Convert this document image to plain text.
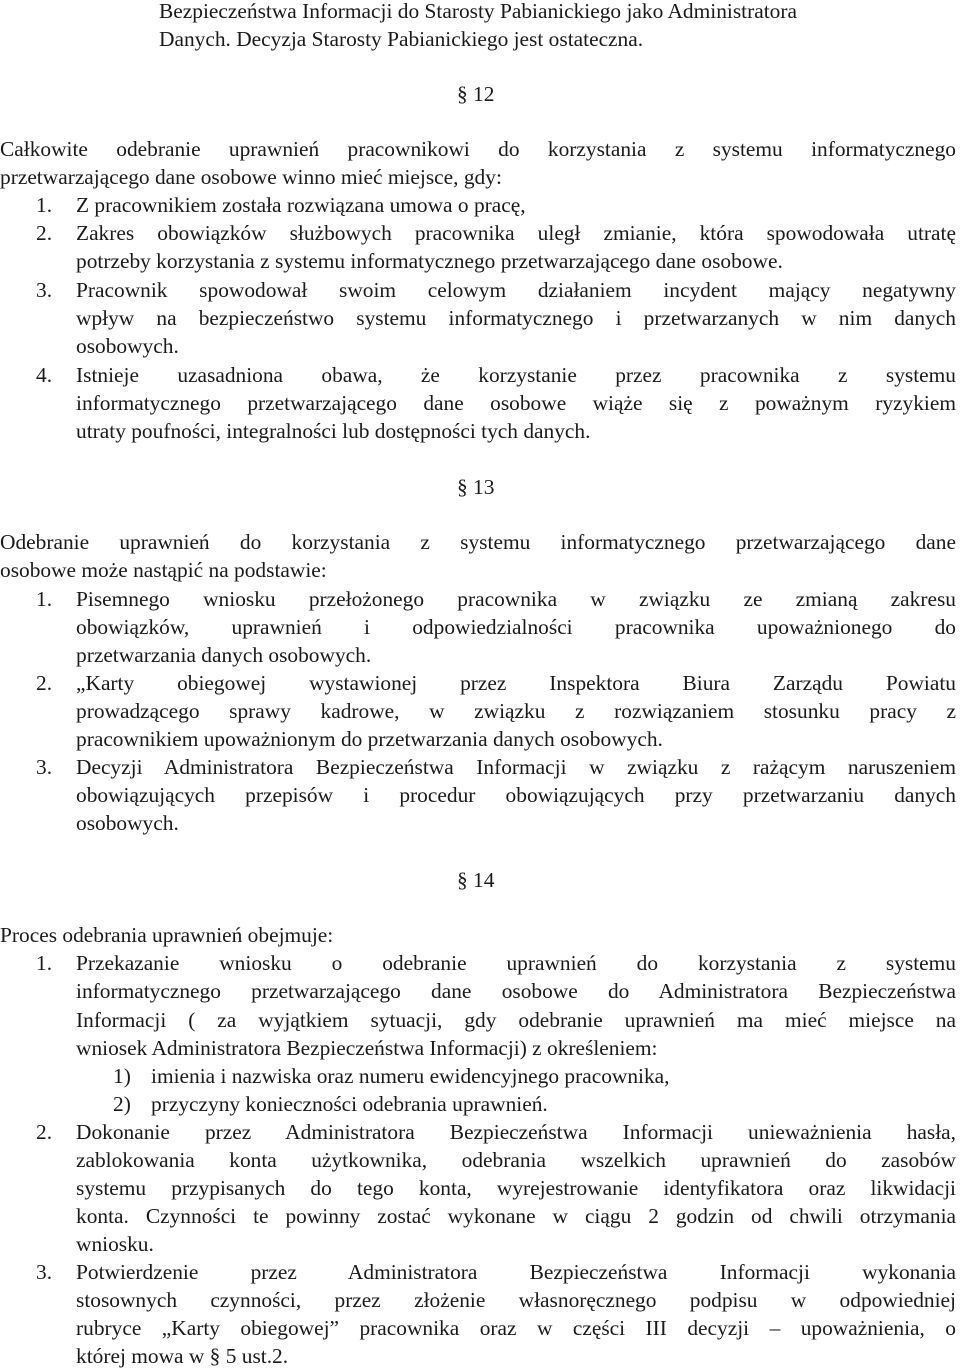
Bezpieczeństwa Informacji do Starosty Pabianickiego jako Administratora
Danych. Decyzja Starosty Pabianickiego jest ostateczna.
§ 12
Całkowite odebranie uprawnień pracownikowi do korzystania z systemu informatycznego
przetwarzającego dane osobowe winno mieć miejsce, gdy:
1. Z pracownikiem została rozwiązana umowa o pracę,
2. Zakres obowiązków służbowych pracownika uległ zmianie, która spowodowała utratę
potrzeby korzystania z systemu informatycznego przetwarzającego dane osobowe.
3. Pracownik spowodował swoim celowym działaniem incydent mający negatywny
wpływ na bezpieczeństwo systemu informatycznego i przetwarzanych w nim danych
osobowych.
4. Istnieje uzasadniona obawa, że korzystanie przez pracownika z systemu
informatycznego przetwarzającego dane osobowe wiąże się z poważnym ryzykiem
utraty poufności, integralności lub dostępności tych danych.
§ 13
Odebranie uprawnień do korzystania z systemu informatycznego przetwarzającego dane
osobowe może nastąpić na podstawie:
1. Pisemnego wniosku przełożonego pracownika w związku ze zmianą zakresu
obowiązków, uprawnień i odpowiedzialności pracownika upoważnionego do
przetwarzania danych osobowych.
2. „Karty obiegowej wystawionej przez Inspektora Biura Zarządu Powiatu
prowadzącego sprawy kadrowe, w związku z rozwiązaniem stosunku pracy z
pracownikiem upoważnionym do przetwarzania danych osobowych.
3. Decyzji Administratora Bezpieczeństwa Informacji w związku z rażącym naruszeniem
obowiązujących przepisów i procedur obowiązujących przy przetwarzaniu danych
osobowych.
§ 14
Proces odebrania uprawnień obejmuje:
1. Przekazanie wniosku o odebranie uprawnień do korzystania z systemu
informatycznego przetwarzającego dane osobowe do Administratora Bezpieczeństwa
Informacji ( za wyjątkiem sytuacji, gdy odebranie uprawnień ma mieć miejsce na
wniosek Administratora Bezpieczeństwa Informacji) z określeniem:
1) imienia i nazwiska oraz numeru ewidencyjnego pracownika,
2) przyczyny konieczności odebrania uprawnień.
2. Dokonanie przez Administratora Bezpieczeństwa Informacji unieważnienia hasła,
zablokowania konta użytkownika, odebrania wszelkich uprawnień do zasobów
systemu przypisanych do tego konta, wyrejestrowanie identyfikatora oraz likwidacji
konta. Czynności te powinny zostać wykonane w ciągu 2 godzin od chwili otrzymania
wniosku.
3. Potwierdzenie przez Administratora Bezpieczeństwa Informacji wykonania
stosownych czynności, przez złożenie własnoręcznego podpisu w odpowiedniej
rubryce „Karty obiegowej” pracownika oraz w części III decyzji – upoważnienia, o
której mowa w § 5 ust.2.
